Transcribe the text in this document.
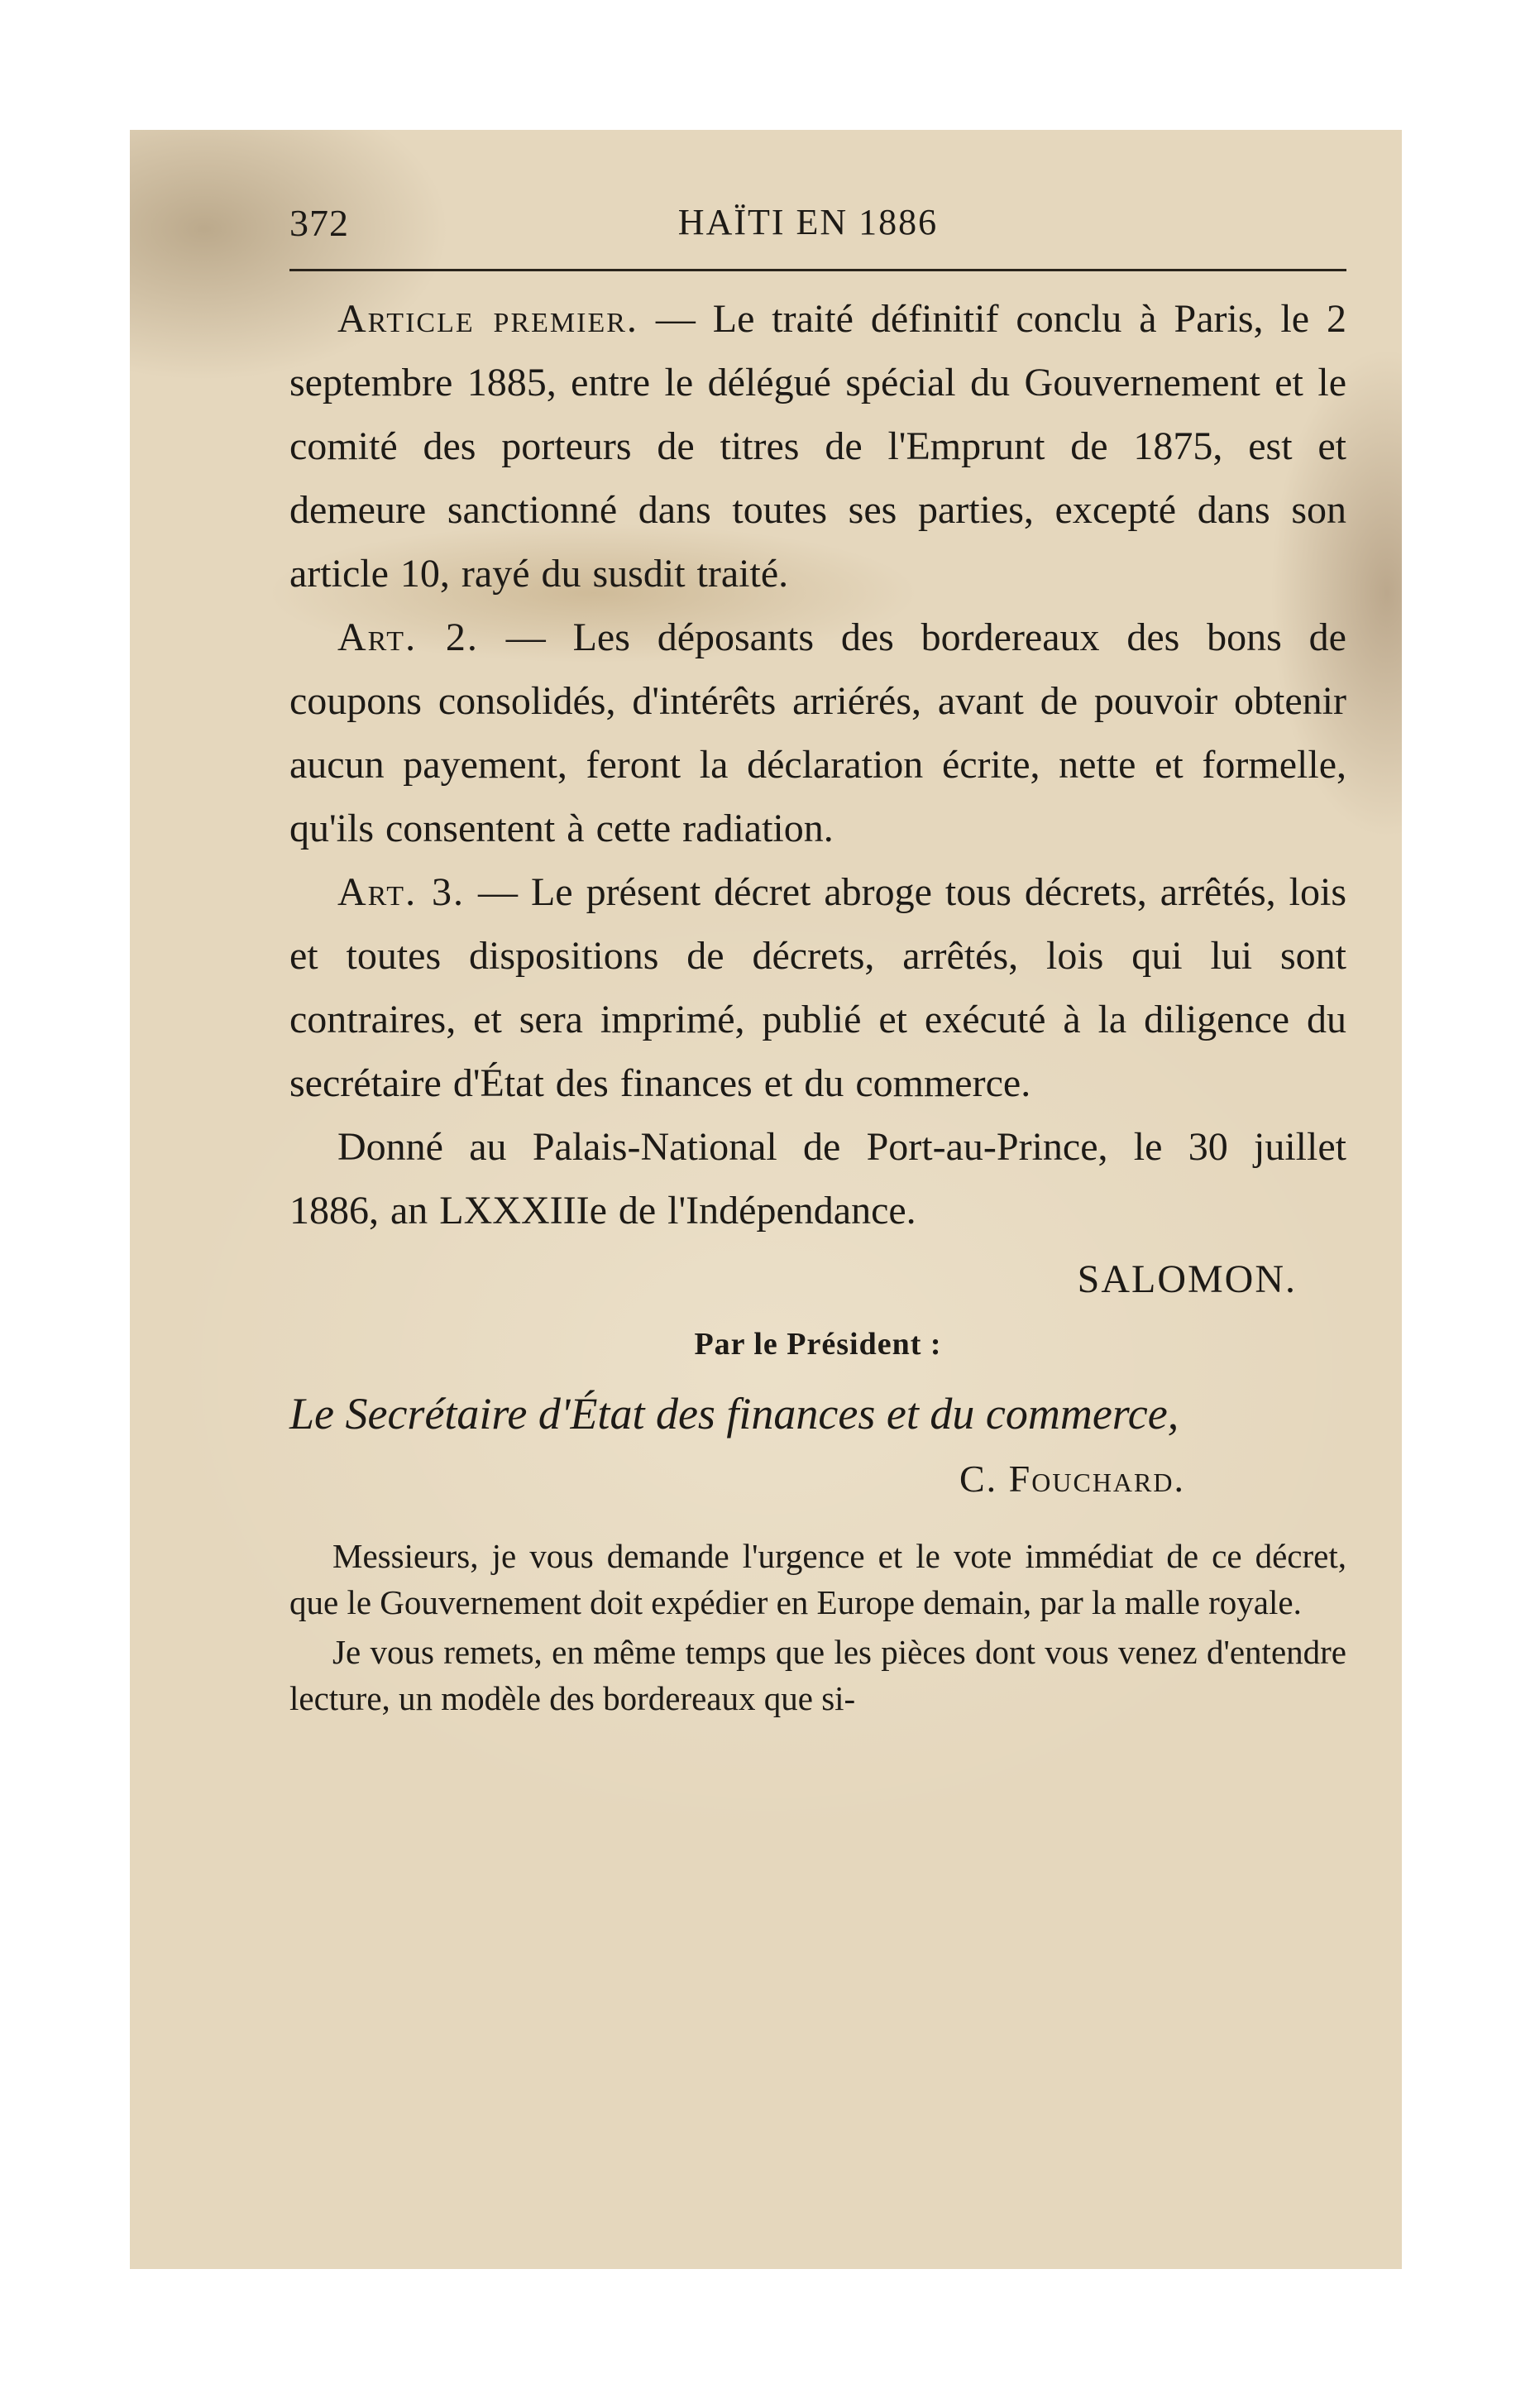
372	HAÏTI EN 1886

Article premier. — Le traité définitif conclu à Paris, le 2 septembre 1885, entre le délégué spécial du Gouvernement et le comité des porteurs de titres de l'Emprunt de 1875, est et demeure sanctionné dans toutes ses parties, excepté dans son article 10, rayé du susdit traité.

Art. 2. — Les déposants des bordereaux des bons de coupons consolidés, d'intérêts arriérés, avant de pouvoir obtenir aucun payement, feront la déclaration écrite, nette et formelle, qu'ils consentent à cette radiation.

Art. 3. — Le présent décret abroge tous décrets, arrêtés, lois et toutes dispositions de décrets, arrêtés, lois qui lui sont contraires, et sera imprimé, publié et exécuté à la diligence du secrétaire d'État des finances et du commerce.

Donné au Palais-National de Port-au-Prince, le 30 juillet 1886, an LXXXIIIe de l'Indépendance.

SALOMON.
Par le Président :
Le Secrétaire d'État des finances et du commerce,
C. Fouchard.

Messieurs, je vous demande l'urgence et le vote immédiat de ce décret, que le Gouvernement doit expédier en Europe demain, par la malle royale.

Je vous remets, en même temps que les pièces dont vous venez d'entendre lecture, un modèle des bordereaux que si-
